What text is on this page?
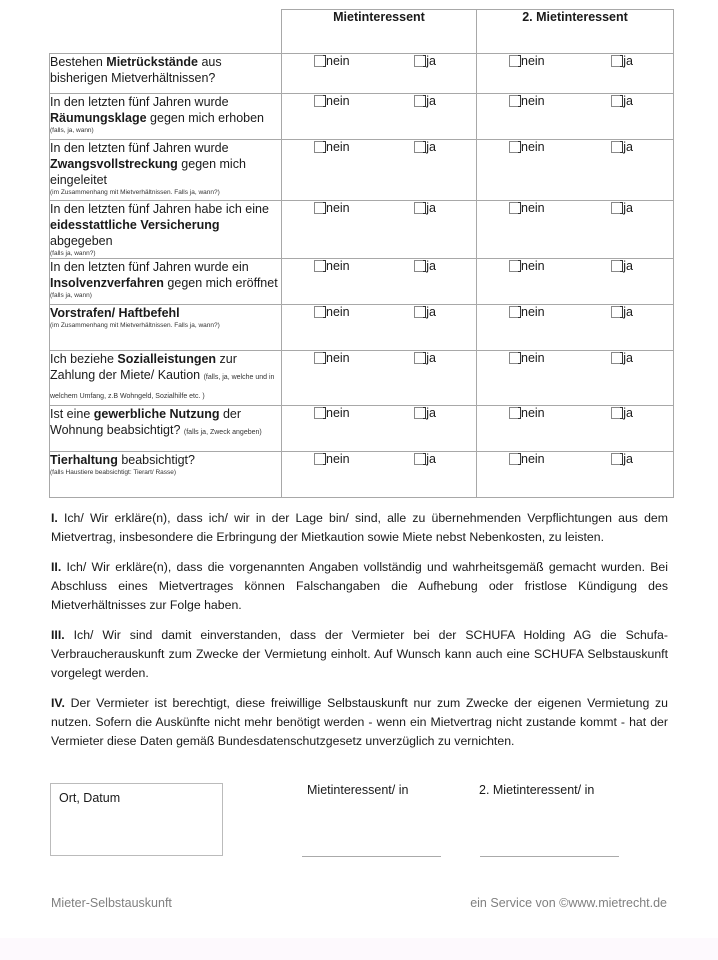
	Mietinteressent	2. Mietinteressent
Bestehen Mietrückstände aus bisherigen Mietverhältnissen?	nein ja	nein ja

In den letzten fünf Jahren wurde Räumungsklage gegen mich erhoben
(falls, ja, wann)	nein ja	nein ja

In den letzten fünf Jahren wurde Zwangsvollstreckung gegen mich eingeleitet
(im Zusammenhang mit Mietverhältnissen. Falls ja, wann?)	nein ja	nein ja

In den letzten fünf Jahren habe ich eine eidesstattliche Versicherung abgegeben
(falls ja, wann?)	nein ja	nein ja

In den letzten fünf Jahren wurde ein Insolvenzverfahren gegen mich eröffnet
(falls ja, wann)	nein ja	nein ja

Vorstrafen/ Haftbefehl
(im Zusammenhang mit Mietverhältnissen. Falls ja, wann?)	nein ja	nein ja

Ich beziehe Sozialleistungen zur Zahlung der Miete/ Kaution (falls, ja, welche und in welchem Umfang, z.B Wohngeld, Sozialhilfe etc. )	nein ja	nein ja

Ist eine gewerbliche Nutzung der Wohnung beabsichtigt? (falls ja, Zweck angeben)	nein ja	nein ja

Tierhaltung beabsichtigt?
(falls Haustiere beabsichtigt: Tierart/ Rasse)	nein ja	nein ja
I. Ich/ Wir erkläre(n), dass ich/ wir in der Lage bin/ sind, alle zu übernehmenden Verpflichtungen aus dem Mietvertrag, insbesondere die Erbringung der Mietkaution sowie Miete nebst Nebenkosten, zu leisten.
II. Ich/ Wir erkläre(n), dass die vorgenannten Angaben vollständig und wahrheitsgemäß gemacht wurden. Bei Abschluss eines Mietvertrages können Falschangaben die Aufhebung oder fristlose Kündigung des Mietverhältnisses zur Folge haben.
III. Ich/ Wir sind damit einverstanden, dass der Vermieter bei der SCHUFA Holding AG die Schufa-Verbraucherauskunft zum Zwecke der Vermietung einholt. Auf Wunsch kann auch eine SCHUFA Selbstauskunft vorgelegt werden.
IV. Der Vermieter ist berechtigt, diese freiwillige Selbstauskunft nur zum Zwecke der eigenen Vermietung zu nutzen. Sofern die Auskünfte nicht mehr benötigt werden - wenn ein Mietvertrag nicht zustande kommt - hat der Vermieter diese Daten gemäß Bundesdatenschutzgesetz unverzüglich zu vernichten.
Ort, Datum
Mietinteressent/ in	2. Mietinteressent/ in
Mieter-Selbstauskunft	ein Service von ©www.mietrecht.de
